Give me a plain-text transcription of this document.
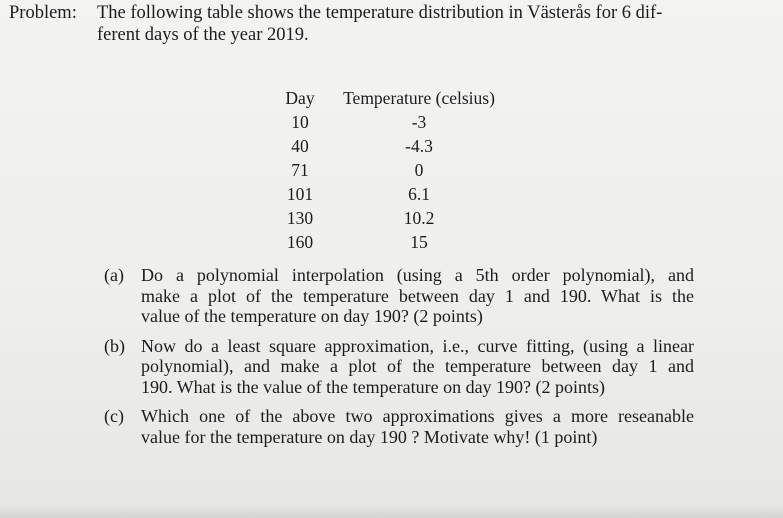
Problem: The following table shows the temperature distribution in Västerås for 6 dif-
ferent days of the year 2019.
Day	Temperature (celsius)
10	-3
40	-4.3
71	0
101	6.1
130	10.2
160	15
(a) Do a polynomial interpolation (using a 5th order polynomial), and
make a plot of the temperature between day 1 and 190. What is the
value of the temperature on day 190? (2 points)
(b) Now do a least square approximation, i.e., curve fitting, (using a linear
polynomial), and make a plot of the temperature between day 1 and
190. What is the value of the temperature on day 190? (2 points)
(c) Which one of the above two approximations gives a more reseanable
value for the temperature on day 190 ? Motivate why! (1 point)
